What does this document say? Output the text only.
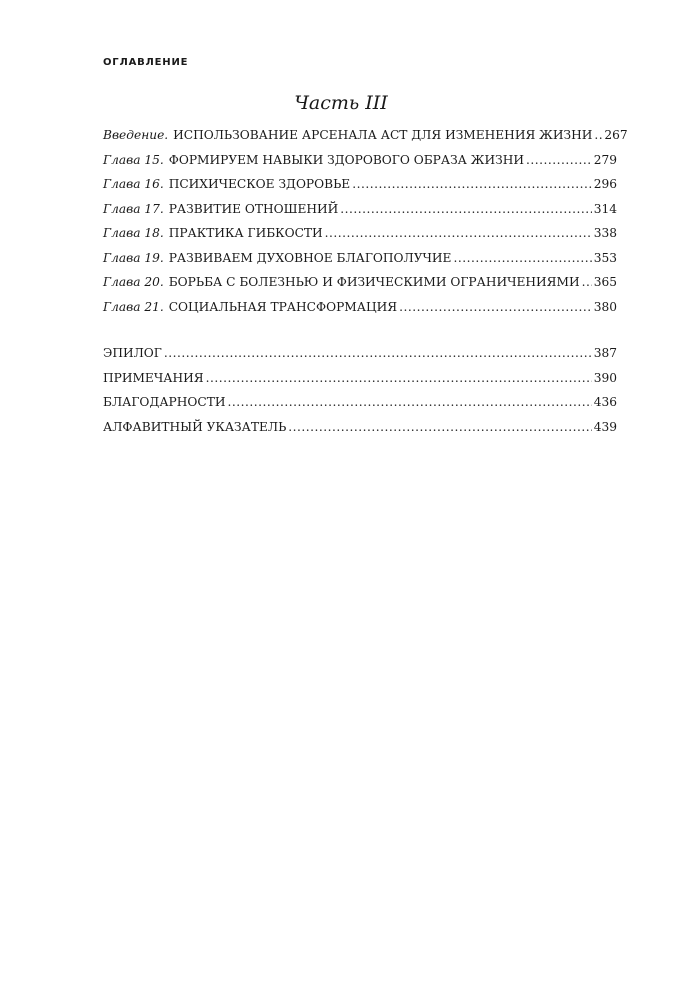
ОГЛАВЛЕНИЕ
Часть III
Введение. ИСПОЛЬЗОВАНИЕ АРСЕНАЛА АСТ ДЛЯ ИЗМЕНЕНИЯ ЖИЗНИ ..... 267
Глава 15. ФОРМИРУЕМ НАВЫКИ ЗДОРОВОГО ОБРАЗА ЖИЗНИ .....	279
Глава 16. ПСИХИЧЕСКОЕ ЗДОРОВЬЕ .....	296
Глава 17. РАЗВИТИЕ ОТНОШЕНИЙ .....	314
Глава 18. ПРАКТИКА ГИБКОСТИ .....	338
Глава 19. РАЗВИВАЕМ ДУХОВНОЕ БЛАГОПОЛУЧИЕ .....	353
Глава 20. БОРЬБА С БОЛЕЗНЬЮ И ФИЗИЧЕСКИМИ ОГРАНИЧЕНИЯМИ ..... 365
Глава 21. СОЦИАЛЬНАЯ ТРАНСФОРМАЦИЯ .....	380
ЭПИЛОГ .....	387
ПРИМЕЧАНИЯ .....	390
БЛАГОДАРНОСТИ .....	436
АЛФАВИТНЫЙ УКАЗАТЕЛЬ .....	439
